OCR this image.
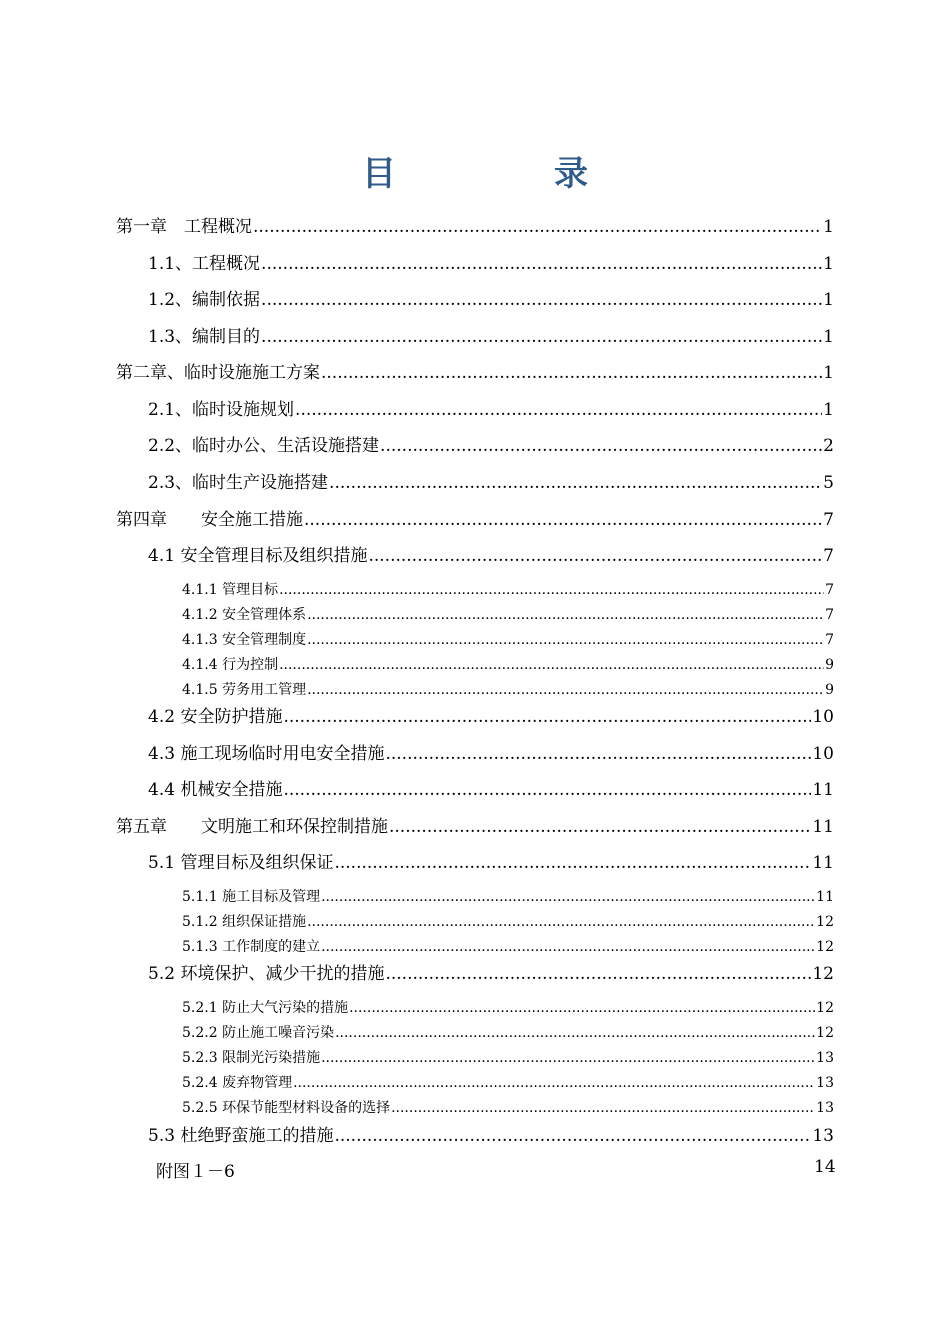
目　录
第一章　工程概况 .....	1
1.1、工程概况 .....	1
1.2、编制依据 .....	1
1.3、编制目的 .....	1
第二章、临时设施施工方案 .....	1
2.1、临时设施规划 .....	1
2.2、临时办公、生活设施搭建 .....	2
2.3、临时生产设施搭建 .....	5
第四章　　安全施工措施 .....	7
4.1 安全管理目标及组织措施 .....	7
4.1.1 管理目标 .....	7
4.1.2 安全管理体系 .....	7
4.1.3 安全管理制度 .....	7
4.1.4 行为控制 .....	9
4.1.5 劳务用工管理 .....	9
4.2 安全防护措施 .....	10
4.3 施工现场临时用电安全措施 .....	10
4.4 机械安全措施 .....	11
第五章　　文明施工和环保控制措施 .....	11
5.1 管理目标及组织保证 .....	11
5.1.1 施工目标及管理 .....	11
5.1.2 组织保证措施 .....	12
5.1.3 工作制度的建立 .....	12
5.2 环境保护、减少干扰的措施 .....	12
5.2.1 防止大气污染的措施 .....	12
5.2.2 防止施工噪音污染 .....	12
5.2.3 限制光污染措施 .....	13
5.2.4 废弃物管理 .....	13
5.2.5 环保节能型材料设备的选择 .....	13
5.3 杜绝野蛮施工的措施 .....	13
附图１－6	14
